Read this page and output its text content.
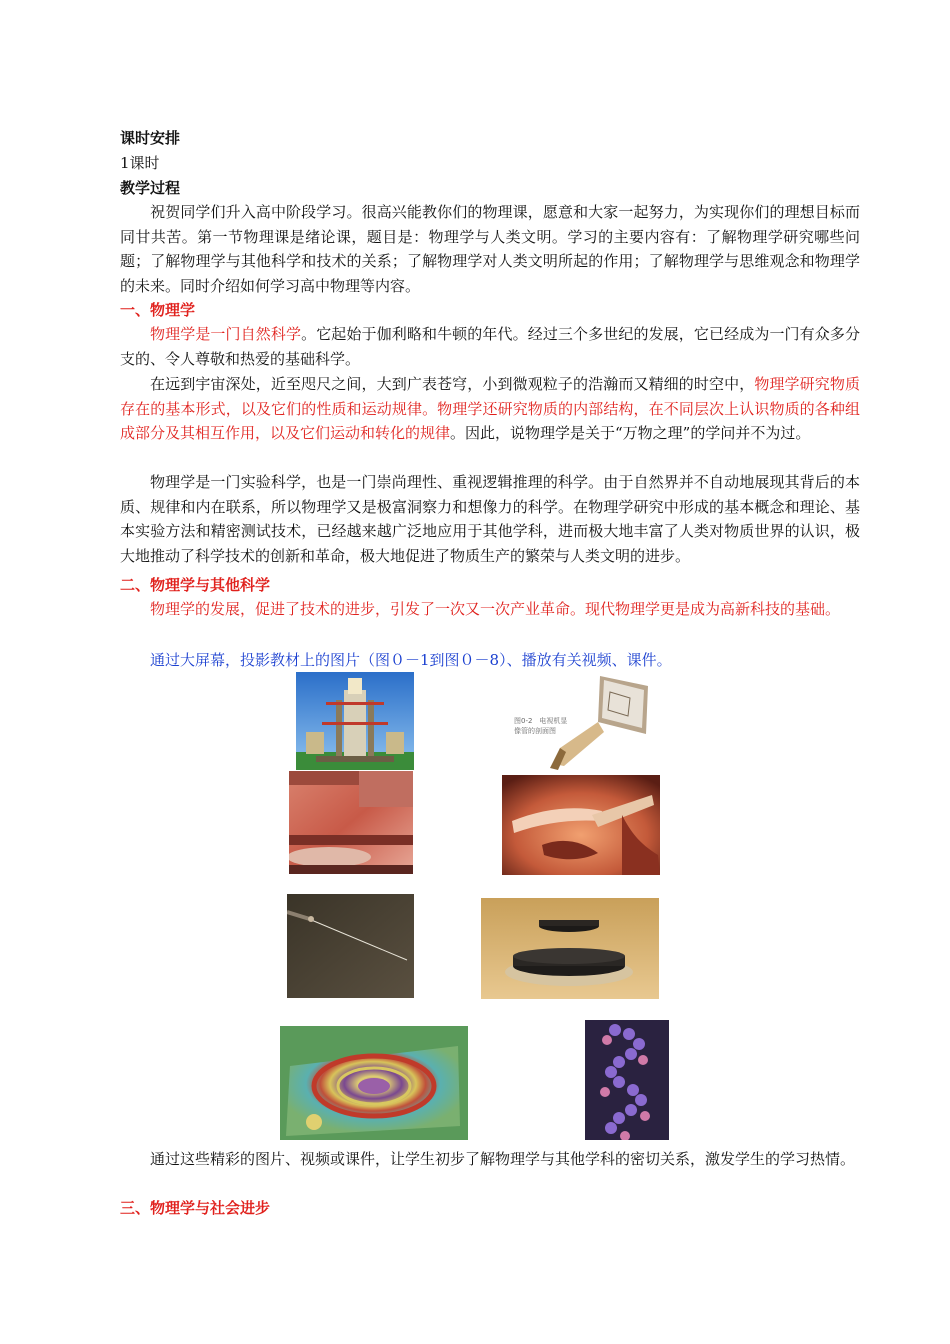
课时安排
1课时
教学过程
祝贺同学们升入高中阶段学习。很高兴能教你们的物理课，愿意和大家一起努力，为实现你们的理想目标而同甘共苦。第一节物理课是绪论课，题目是：物理学与人类文明。学习的主要内容有：了解物理学研究哪些问题；了解物理学与其他科学和技术的关系；了解物理学对人类文明所起的作用；了解物理学与思维观念和物理学的未来。同时介绍如何学习高中物理等内容。
一、物理学
物理学是一门自然科学。它起始于伽利略和牛顿的年代。经过三个多世纪的发展，它已经成为一门有众多分支的、令人尊敬和热爱的基础科学。
在远到宇宙深处，近至咫尺之间，大到广表苍穹，小到微观粒子的浩瀚而又精细的时空中，物理学研究物质存在的基本形式，以及它们的性质和运动规律。物理学还研究物质的内部结构，在不同层次上认识物质的各种组成部分及其相互作用，以及它们运动和转化的规律。因此，说物理学是关于“万物之理”的学问并不为过。
物理学是一门实验科学，也是一门崇尚理性、重视逻辑推理的科学。由于自然界并不自动地展现其背后的本质、规律和内在联系，所以物理学又是极富洞察力和想像力的科学。在物理学研究中形成的基本概念和理论、基本实验方法和精密测试技术，已经越来越广泛地应用于其他学科，进而极大地丰富了人类对物质世界的认识，极大地推动了科学技术的创新和革命，极大地促进了物质生产的繁荣与人类文明的进步。
二、物理学与其他科学
物理学的发展，促进了技术的进步，引发了一次又一次产业革命。现代物理学更是成为高新科技的基础。
通过大屏幕，投影教材上的图片（图０－1到图０－8）、播放有关视频、课件。
图0-2　电视机显像管的剖面图
通过这些精彩的图片、视频或课件，让学生初步了解物理学与其他学科的密切关系，激发学生的学习热情。
三、物理学与社会进步
